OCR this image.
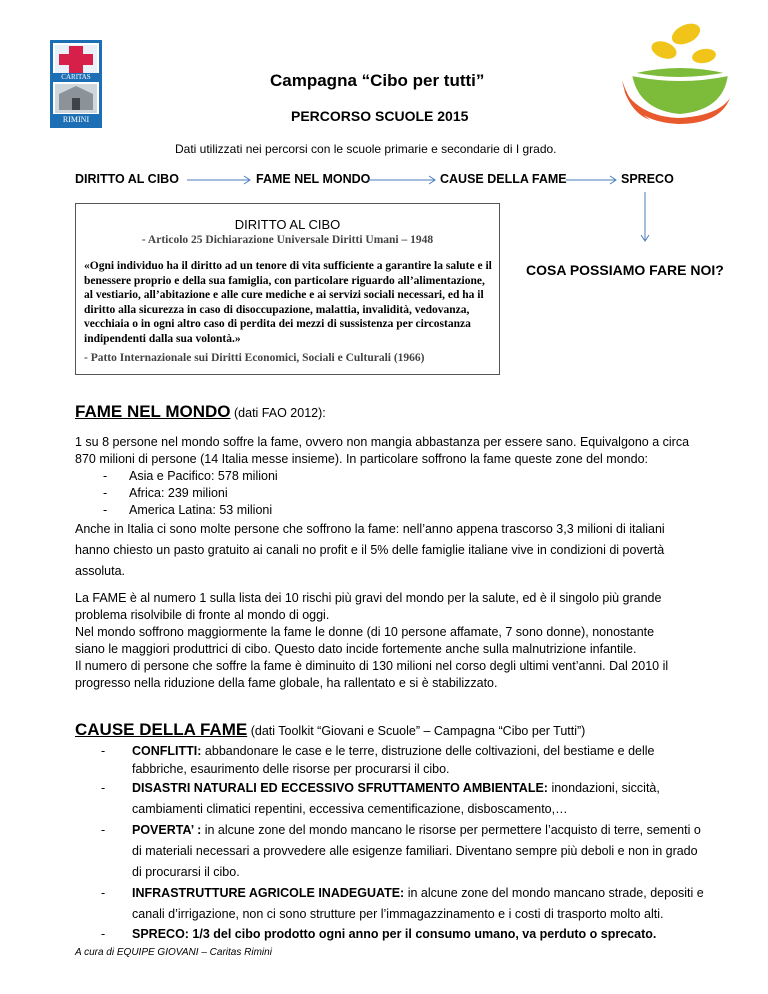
CARITAS
RIMINI
Campagna “Cibo per tutti”
PERCORSO SCUOLE 2015
Dati utilizzati nei percorsi con le scuole primarie e secondarie di I grado.
DIRITTO AL CIBO	FAME NEL MONDO	CAUSE DELLA FAME	SPRECO
COSA POSSIAMO FARE NOI?
DIRITTO AL CIBO
- Articolo 25 Dichiarazione Universale Diritti Umani – 1948
«Ogni individuo ha il diritto ad un tenore di vita sufficiente a garantire la salute e il benessere proprio e della sua famiglia, con particolare riguardo all’alimentazione, al vestiario, all’abitazione e alle cure mediche e ai servizi sociali necessari, ed ha il diritto alla sicurezza in caso di disoccupazione, malattia, invalidità, vedovanza, vecchiaia o in ogni altro caso di perdita dei mezzi di sussistenza per circostanza indipendenti dalla sua volontà.»
- Patto Internazionale sui Diritti Economici, Sociali e Culturali (1966)
FAME NEL MONDO (dati FAO 2012):

1 su 8 persone nel mondo soffre la fame, ovvero non mangia abbastanza per essere sano. Equivalgono a circa 870 milioni di persone (14 Italia messe insieme). In particolare soffrono la fame queste zone del mondo:

- Asia e Pacifico: 578 milioni
- Africa: 239 milioni
- America Latina: 53 milioni

Anche in Italia ci sono molte persone che soffrono la fame: nell’anno appena trascorso 3,3 milioni di italiani hanno chiesto un pasto gratuito ai canali no profit e il 5% delle famiglie italiane vive in condizioni di povertà assoluta.

La FAME è al numero 1 sulla lista dei 10 rischi più gravi del mondo per la salute, ed è il singolo più grande problema risolvibile di fronte al mondo di oggi.

Nel mondo soffrono maggiormente la fame le donne (di 10 persone affamate, 7 sono donne), nonostante siano le maggiori produttrici di cibo. Questo dato incide fortemente anche sulla malnutrizione infantile.

Il numero di persone che soffre la fame è diminuito di 130 milioni nel corso degli ultimi vent’anni. Dal 2010 il progresso nella riduzione della fame globale, ha rallentato e si è stabilizzato.

CAUSE DELLA FAME (dati Toolkit “Giovani e Scuole” – Campagna “Cibo per Tutti”)
- CONFLITTI: abbandonare le case e le terre, distruzione delle coltivazioni, del bestiame e delle fabbriche, esaurimento delle risorse per procurarsi il cibo.
- DISASTRI NATURALI ED ECCESSIVO SFRUTTAMENTO AMBIENTALE: inondazioni, siccità, cambiamenti climatici repentini, eccessiva cementificazione, disboscamento,…
- POVERTA’ : in alcune zone del mondo mancano le risorse per permettere l’acquisto di terre, sementi o di materiali necessari a provvedere alle esigenze familiari. Diventano sempre più deboli e non in grado di procurarsi il cibo.
- INFRASTRUTTURE AGRICOLE INADEGUATE: in alcune zone del mondo mancano strade, depositi e canali d’irrigazione, non ci sono strutture per l’immagazzinamento e i costi di trasporto molto alti.
- SPRECO: 1/3 del cibo prodotto ogni anno per il consumo umano, va perduto o sprecato.
A cura di EQUIPE GIOVANI – Caritas Rimini
